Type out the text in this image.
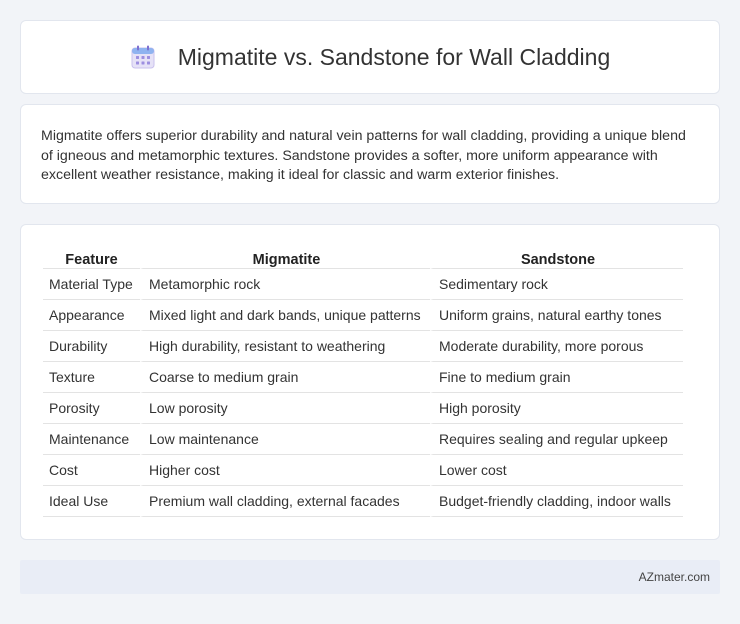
Migmatite vs. Sandstone for Wall Cladding

Migmatite offers superior durability and natural vein patterns for wall cladding, providing a unique blend of igneous and metamorphic textures. Sandstone provides a softer, more uniform appearance with excellent weather resistance, making it ideal for classic and warm exterior finishes.

Feature	Migmatite	Sandstone
Material Type	Metamorphic rock	Sedimentary rock
Appearance	Mixed light and dark bands, unique patterns	Uniform grains, natural earthy tones
Durability	High durability, resistant to weathering	Moderate durability, more porous
Texture	Coarse to medium grain	Fine to medium grain
Porosity	Low porosity	High porosity
Maintenance	Low maintenance	Requires sealing and regular upkeep
Cost	Higher cost	Lower cost
Ideal Use	Premium wall cladding, external facades	Budget-friendly cladding, indoor walls
AZmater.com
